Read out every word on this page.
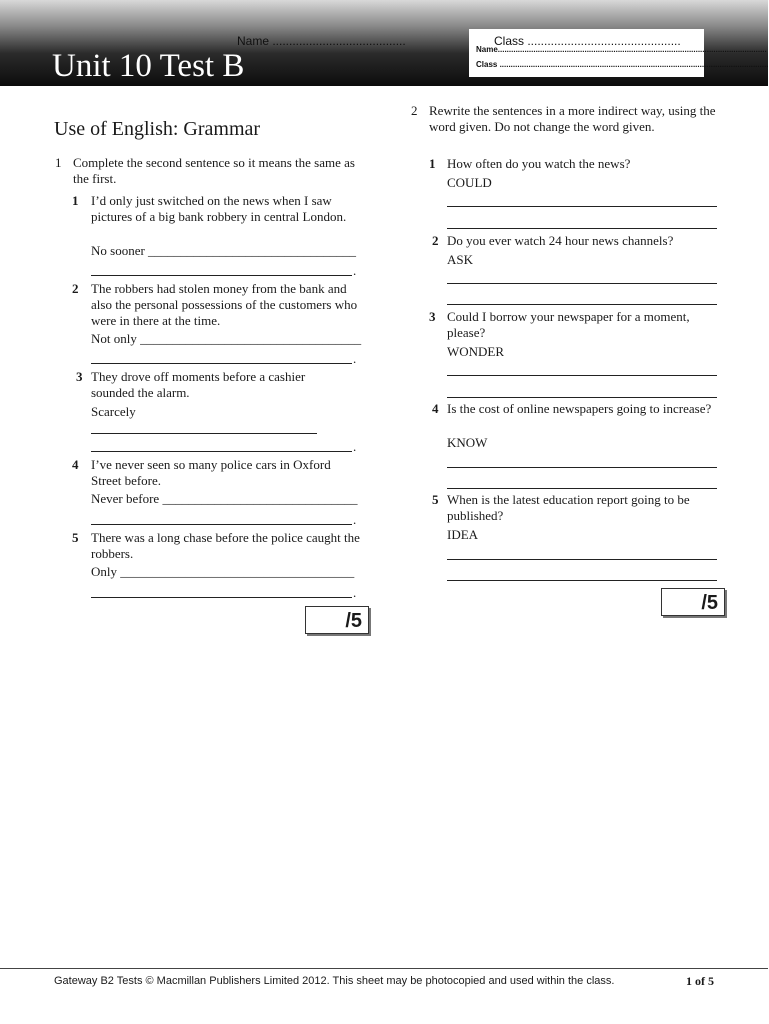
Unit 10 Test B
Name ........................................	Class ..............................................
Name.........................................................................................................................
Class .........................................................................................................................
Use of English: Grammar
1 Complete the second sentence so it means the same as the first.
1 I’d only just switched on the news when I saw pictures of a big bank robbery in central London.
No sooner ________________________________
.
2 The robbers had stolen money from the bank and also the personal possessions of the customers who were in there at the time.
Not only __________________________________
.
3 They drove off moments before a cashier sounded the alarm.
Scarcely
.
4 I’ve never seen so many police cars in Oxford Street before.
Never before ______________________________
.
5 There was a long chase before the police caught the robbers.
Only ____________________________________
.
/5
2 Rewrite the sentences in a more indirect way, using the word given. Do not change the word given.
1 How often do you watch the news?
COULD
2 Do you ever watch 24 hour news channels?
ASK
3 Could I borrow your newspaper for a moment, please?
WONDER
4 Is the cost of online newspapers going to increase?
KNOW
5 When is the latest education report going to be published?
IDEA
/5
Gateway B2 Tests © Macmillan Publishers Limited 2012. This sheet may be photocopied and used within the class.	1 of 5
